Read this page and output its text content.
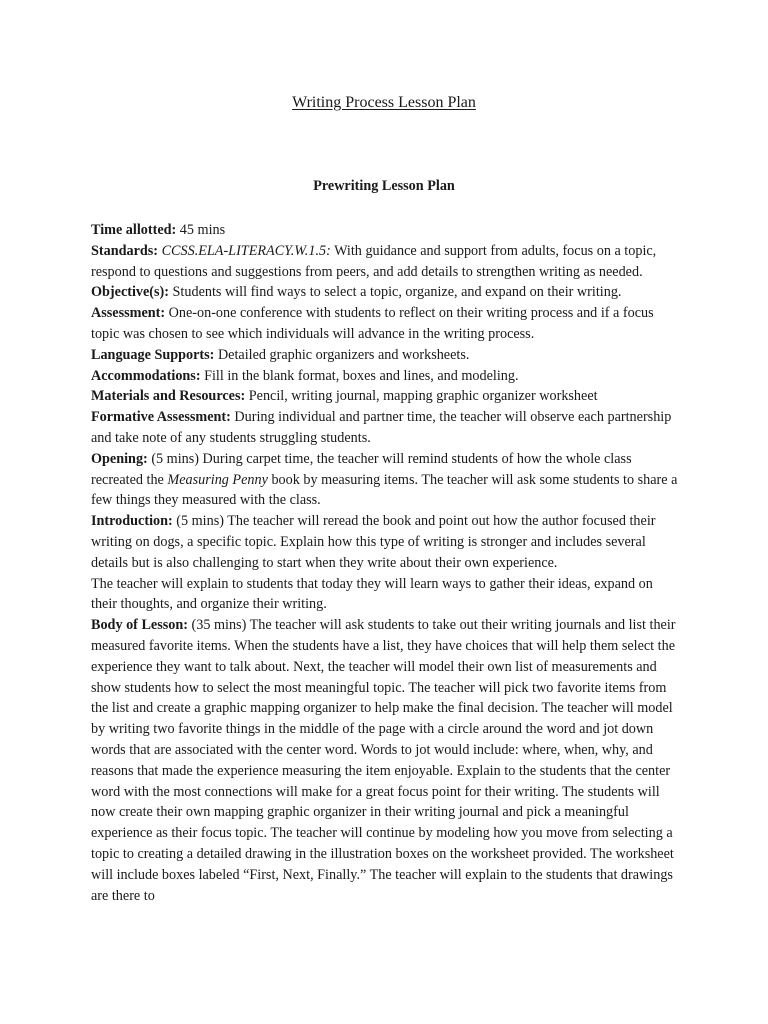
Writing Process Lesson Plan
Prewriting Lesson Plan

Time allotted: 45 mins

Standards: CCSS.ELA-LITERACY.W.1.5: With guidance and support from adults, focus on a topic, respond to questions and suggestions from peers, and add details to strengthen writing as needed.

Objective(s): Students will find ways to select a topic, organize, and expand on their writing.

Assessment: One-on-one conference with students to reflect on their writing process and if a focus topic was chosen to see which individuals will advance in the writing process.

Language Supports: Detailed graphic organizers and worksheets.

Accommodations: Fill in the blank format, boxes and lines, and modeling.

Materials and Resources: Pencil, writing journal, mapping graphic organizer worksheet

Formative Assessment: During individual and partner time, the teacher will observe each partnership and take note of any students struggling students.

Opening: (5 mins) During carpet time, the teacher will remind students of how the whole class recreated the Measuring Penny book by measuring items. The teacher will ask some students to share a few things they measured with the class.

Introduction: (5 mins) The teacher will reread the book and point out how the author focused their writing on dogs, a specific topic. Explain how this type of writing is stronger and includes several details but is also challenging to start when they write about their own experience.

The teacher will explain to students that today they will learn ways to gather their ideas, expand on their thoughts, and organize their writing.

Body of Lesson: (35 mins) The teacher will ask students to take out their writing journals and list their measured favorite items. When the students have a list, they have choices that will help them select the experience they want to talk about. Next, the teacher will model their own list of measurements and show students how to select the most meaningful topic. The teacher will pick two favorite items from the list and create a graphic mapping organizer to help make the final decision. The teacher will model by writing two favorite things in the middle of the page with a circle around the word and jot down words that are associated with the center word. Words to jot would include: where, when, why, and reasons that made the experience measuring the item enjoyable. Explain to the students that the center word with the most connections will make for a great focus point for their writing. The students will now create their own mapping graphic organizer in their writing journal and pick a meaningful experience as their focus topic. The teacher will continue by modeling how you move from selecting a topic to creating a detailed drawing in the illustration boxes on the worksheet provided. The worksheet will include boxes labeled “First, Next, Finally.” The teacher will explain to the students that drawings are there to
